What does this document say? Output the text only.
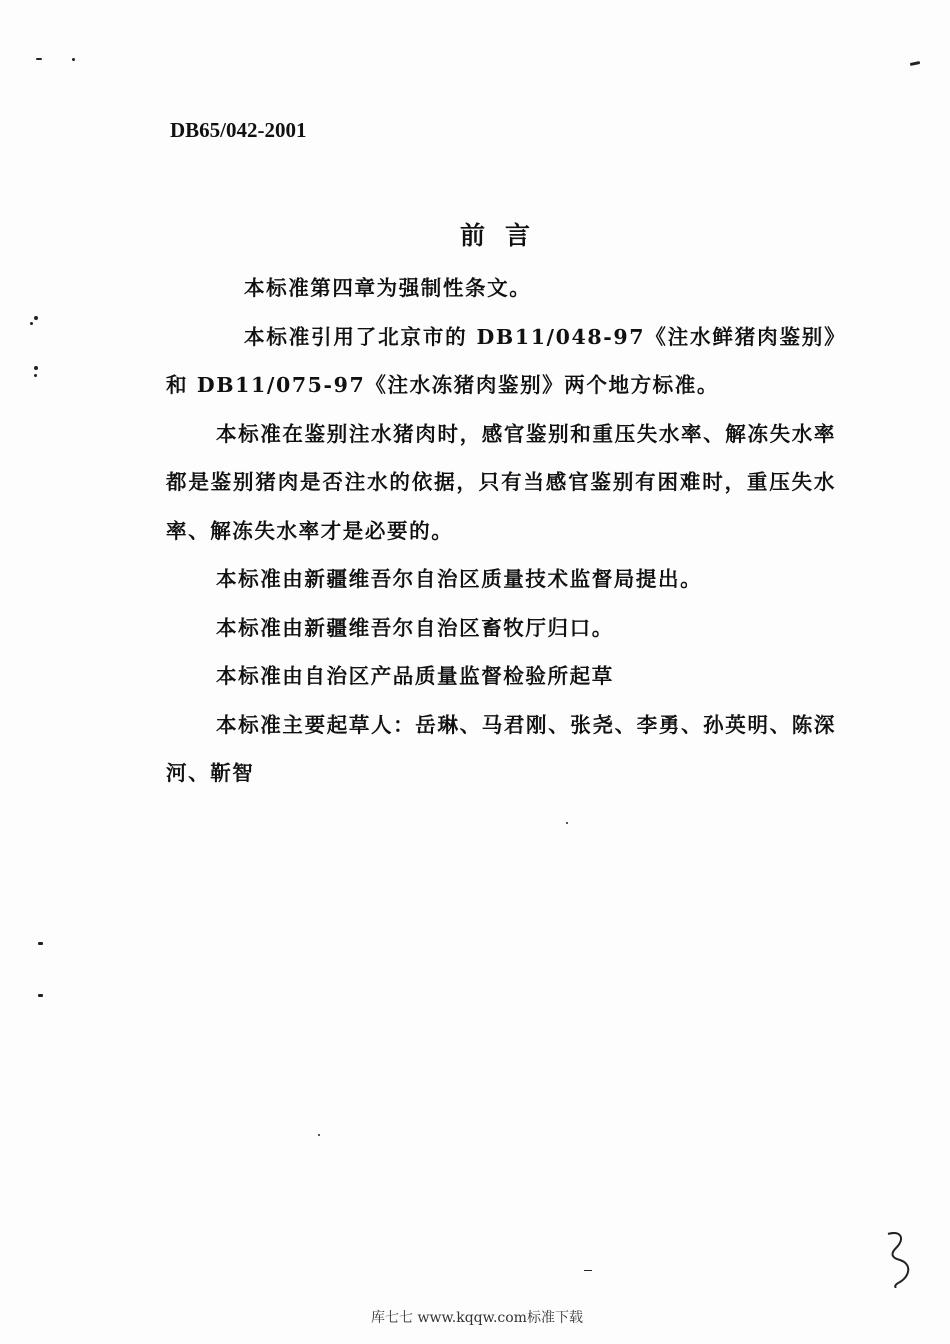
DB65/042-2001
前言

本标准第四章为强制性条文。

本标准引用了北京市的 DB11/048-97《注水鲜猪肉鉴别》和 DB11/075-97《注水冻猪肉鉴别》两个地方标准。

本标准在鉴别注水猪肉时，感官鉴别和重压失水率、解冻失水率都是鉴别猪肉是否注水的依据，只有当感官鉴别有困难时，重压失水率、解冻失水率才是必要的。

本标准由新疆维吾尔自治区质量技术监督局提出。

本标准由新疆维吾尔自治区畜牧厅归口。

本标准由自治区产品质量监督检验所起草

本标准主要起草人：岳琳、马君刚、张尧、李勇、孙英明、陈深河、靳智

库七七 www.kqqw.com标准下载
